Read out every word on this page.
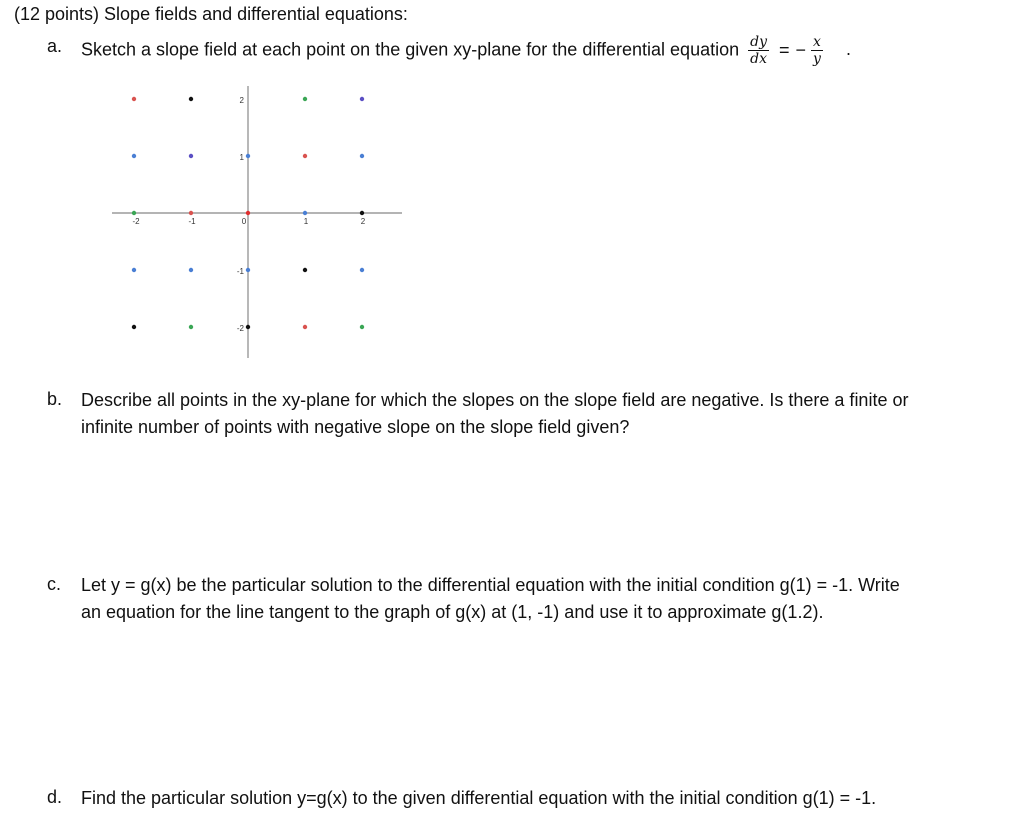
(12 points) Slope fields and differential equations:
a. Sketch a slope field at each point on the given xy-plane for the differential equation $\frac{dy}{dx}$ = − $\frac{x}{y}$ .
-2	-1	0	1	2
2
1
-1
-2
b. Describe all points in the xy-plane for which the slopes on the slope field are negative. Is there a finite or
infinite number of points with negative slope on the slope field given?
c. Let y = g(x) be the particular solution to the differential equation with the initial condition g(1) = -1. Write
an equation for the line tangent to the graph of g(x) at (1, -1) and use it to approximate g(1.2).
d. Find the particular solution y=g(x) to the given differential equation with the initial condition g(1) = -1.
